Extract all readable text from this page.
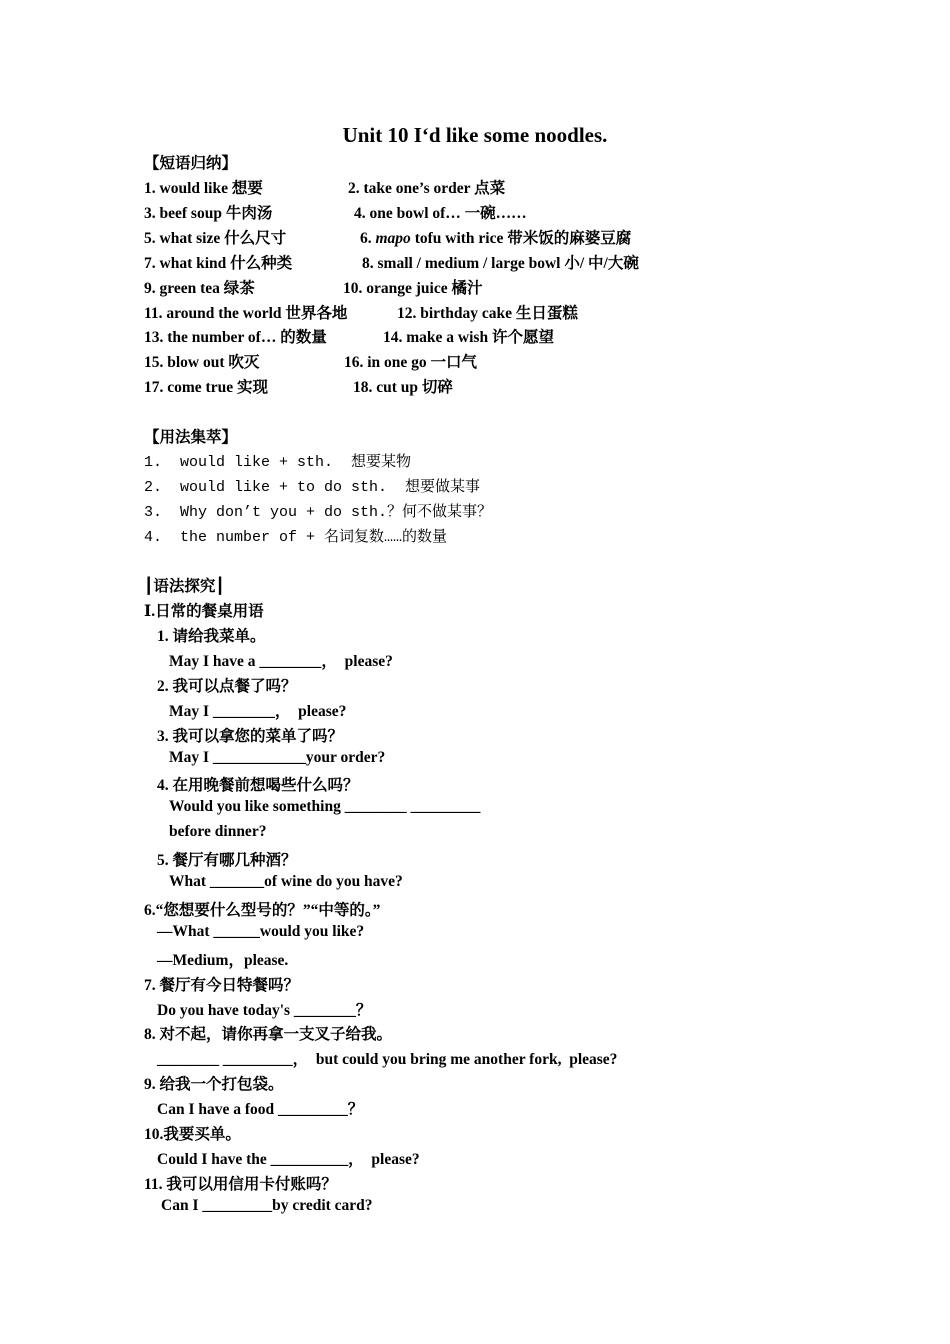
Unit 10 I‘d like some noodles.
【短语归纳】
1. would like 想要	2. take one’s order 点菜
3. beef soup 牛肉汤	4. one bowl of… 一碗……
5. what size 什么尺寸	6. mapo tofu with rice 带米饭的麻婆豆腐
7. what kind 什么种类	8. small / medium / large bowl 小/ 中/大碗
9. green tea 绿茶	10. orange juice 橘汁
11. around the world 世界各地	12. birthday cake 生日蛋糕
13. the number of… 的数量	14. make a wish 许个愿望
15. blow out 吹灭	16. in one go 一口气
17. come true 实现	18. cut up 切碎
【用法集萃】
1.  would like + sth.  想要某物
2.  would like + to do sth.  想要做某事
3.  Why don’t you + do sth.？何不做某事？
4.  the number of + 名词复数……的数量
┃语法探究┃
Ⅰ.日常的餐桌用语
1. 请给我菜单。
May I have a ________，  please?
2. 我可以点餐了吗？
May I ________，  please?
3. 我可以拿您的菜单了吗？
May I ____________your order?
4. 在用晚餐前想喝些什么吗？
Would you like something ________ _________
before dinner?
5. 餐厅有哪几种酒？
What _______of wine do you have?
6.“您想要什么型号的？”“中等的。”
—What ______would you like?
—Medium，please.
7. 餐厅有今日特餐吗？
Do you have today's ________？
8. 对不起，请你再拿一支叉子给我。
________ _________，  but could you bring me another fork,  please?
9. 给我一个打包袋。
Can I have a food _________？
10.我要买单。
Could I have the __________，  please?
11. 我可以用信用卡付账吗？
Can I _________by credit card?
